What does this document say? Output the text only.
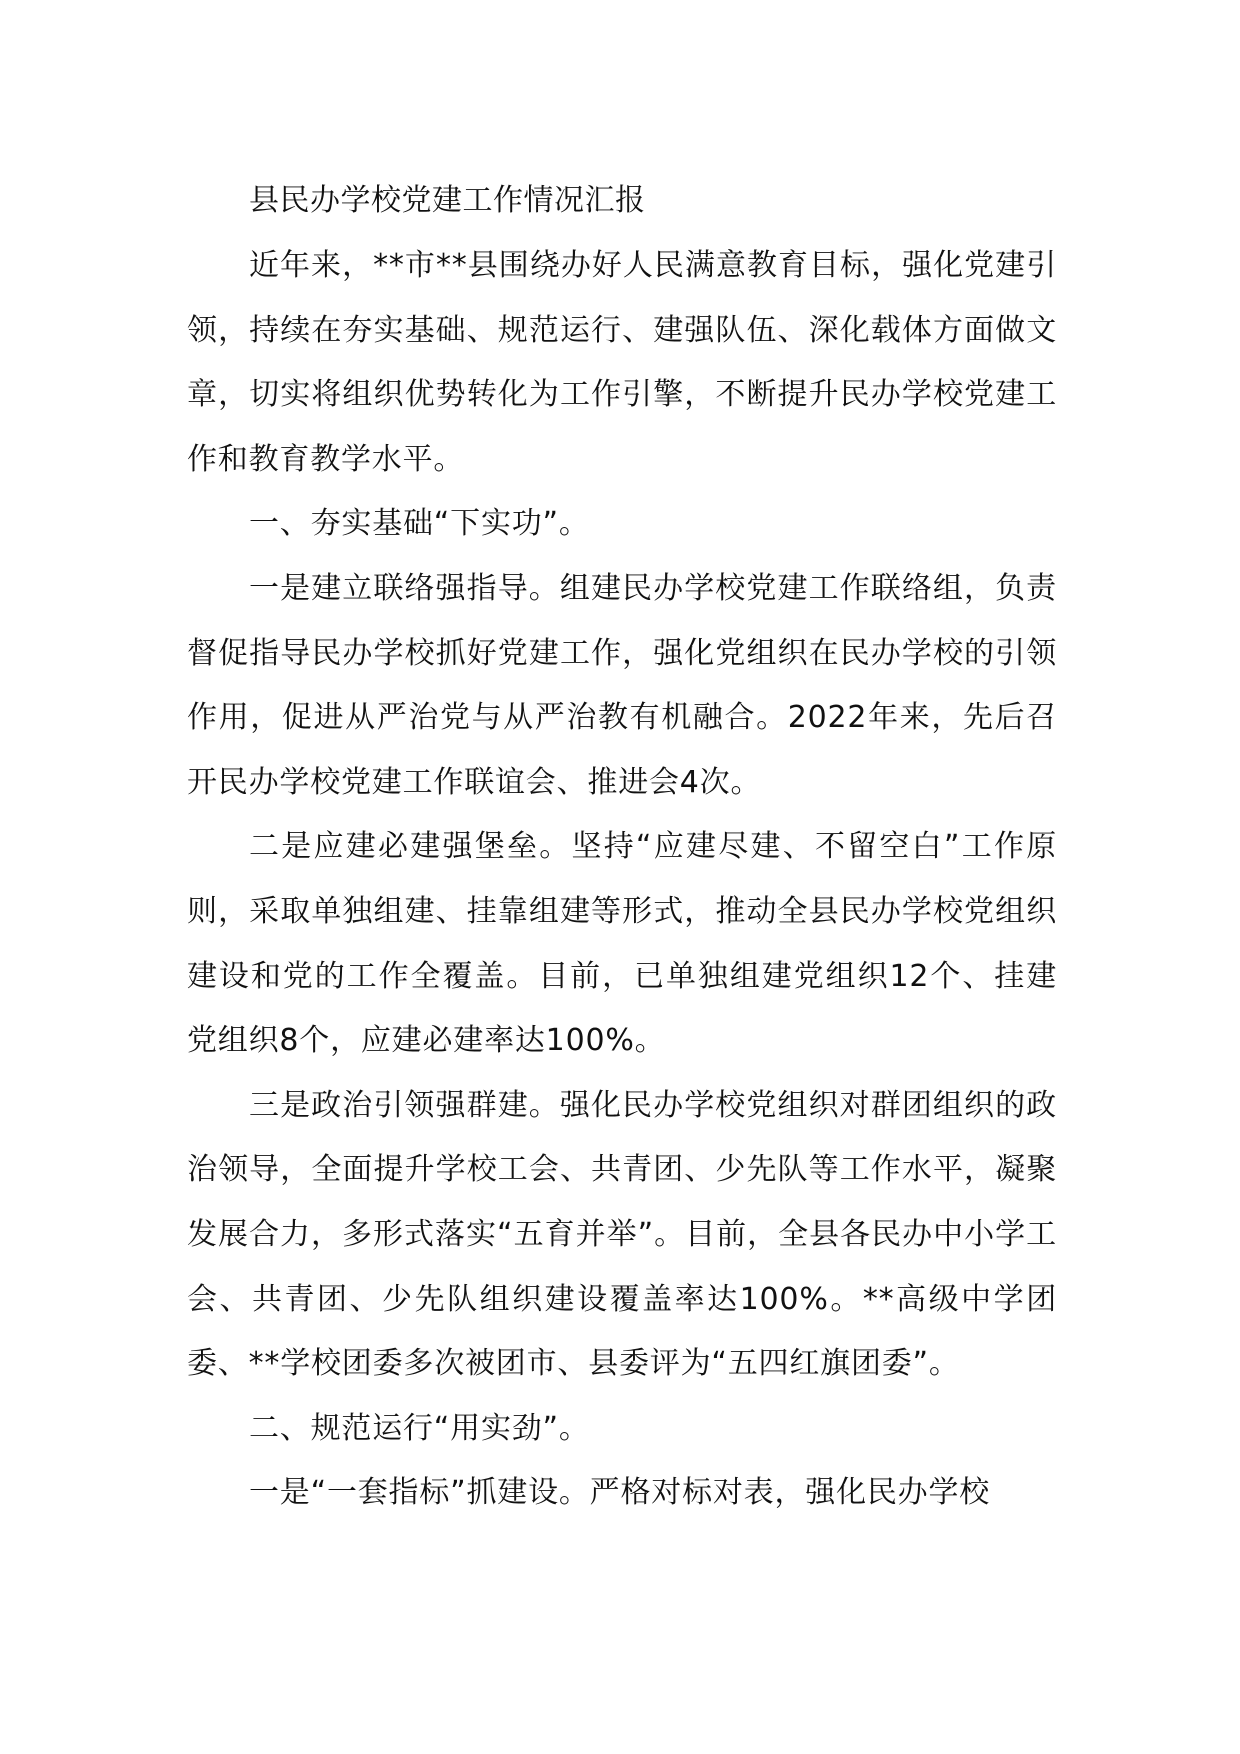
县民办学校党建工作情况汇报

近年来，**市**县围绕办好人民满意教育目标，强化党建引领，持续在夯实基础、规范运行、建强队伍、深化载体方面做文章，切实将组织优势转化为工作引擎，不断提升民办学校党建工作和教育教学水平。

一、夯实基础“下实功”。

一是建立联络强指导。组建民办学校党建工作联络组，负责督促指导民办学校抓好党建工作，强化党组织在民办学校的引领作用，促进从严治党与从严治教有机融合。2022年来，先后召开民办学校党建工作联谊会、推进会4次。

二是应建必建强堡垒。坚持“应建尽建、不留空白”工作原则，采取单独组建、挂靠组建等形式，推动全县民办学校党组织建设和党的工作全覆盖。目前，已单独组建党组织12个、挂建党组织8个，应建必建率达100%。

三是政治引领强群建。强化民办学校党组织对群团组织的政治领导，全面提升学校工会、共青团、少先队等工作水平，凝聚发展合力，多形式落实“五育并举”。目前，全县各民办中小学工会、共青团、少先队组织建设覆盖率达100%。**高级中学团委、**学校团委多次被团市、县委评为“五四红旗团委”。

二、规范运行“用实劲”。

一是“一套指标”抓建设。严格对标对表，强化民办学校
